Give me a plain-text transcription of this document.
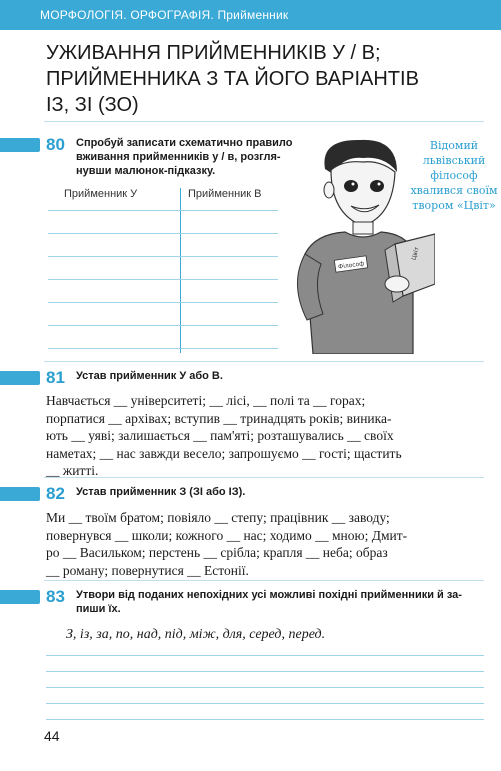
МОРФОЛОГІЯ. ОРФОГРАФІЯ. Прийменник
УЖИВАННЯ ПРИЙМЕННИКІВ У / В;
ПРИЙМЕННИКА З ТА ЙОГО ВАРІАНТІВ
ІЗ, ЗІ (ЗО)
80 Спробуй записати схематично правило
вживання прийменників у / в, розгля-
нувши малюнок-підказку.
Прийменник У	Прийменник В
Філософ
Цвіт
Відомий
львівський
філософ
хвалився своїм
твором «Цвіт»
81 Устав прийменник У або В.
Навчається __ університеті; __ лісі, __ полі та __ горах;
порпатися __ архівах; вступив __ тринадцять років; виника-
ють __ уяві; залишається __ пам'яті; розташувались __ своїх
наметах; __ нас завжди весело; запрошуємо __ гості; щастить
__ житті.
82 Устав прийменник З (ЗІ або ІЗ).
Ми __ твоїм братом; повіяло __ степу; працівник __ заводу;
повернувся __ школи; кожного __ нас; ходимо __ мною; Дмит-
ро __ Васильком; перстень __ срібла; крапля __ неба; образ
__ роману; повернутися __ Естонії.
83 Утвори від поданих непохідних усі можливі похідні прийменники й за-
пиши їх.
З, із, за, по, над, під, між, для, серед, перед.
44
